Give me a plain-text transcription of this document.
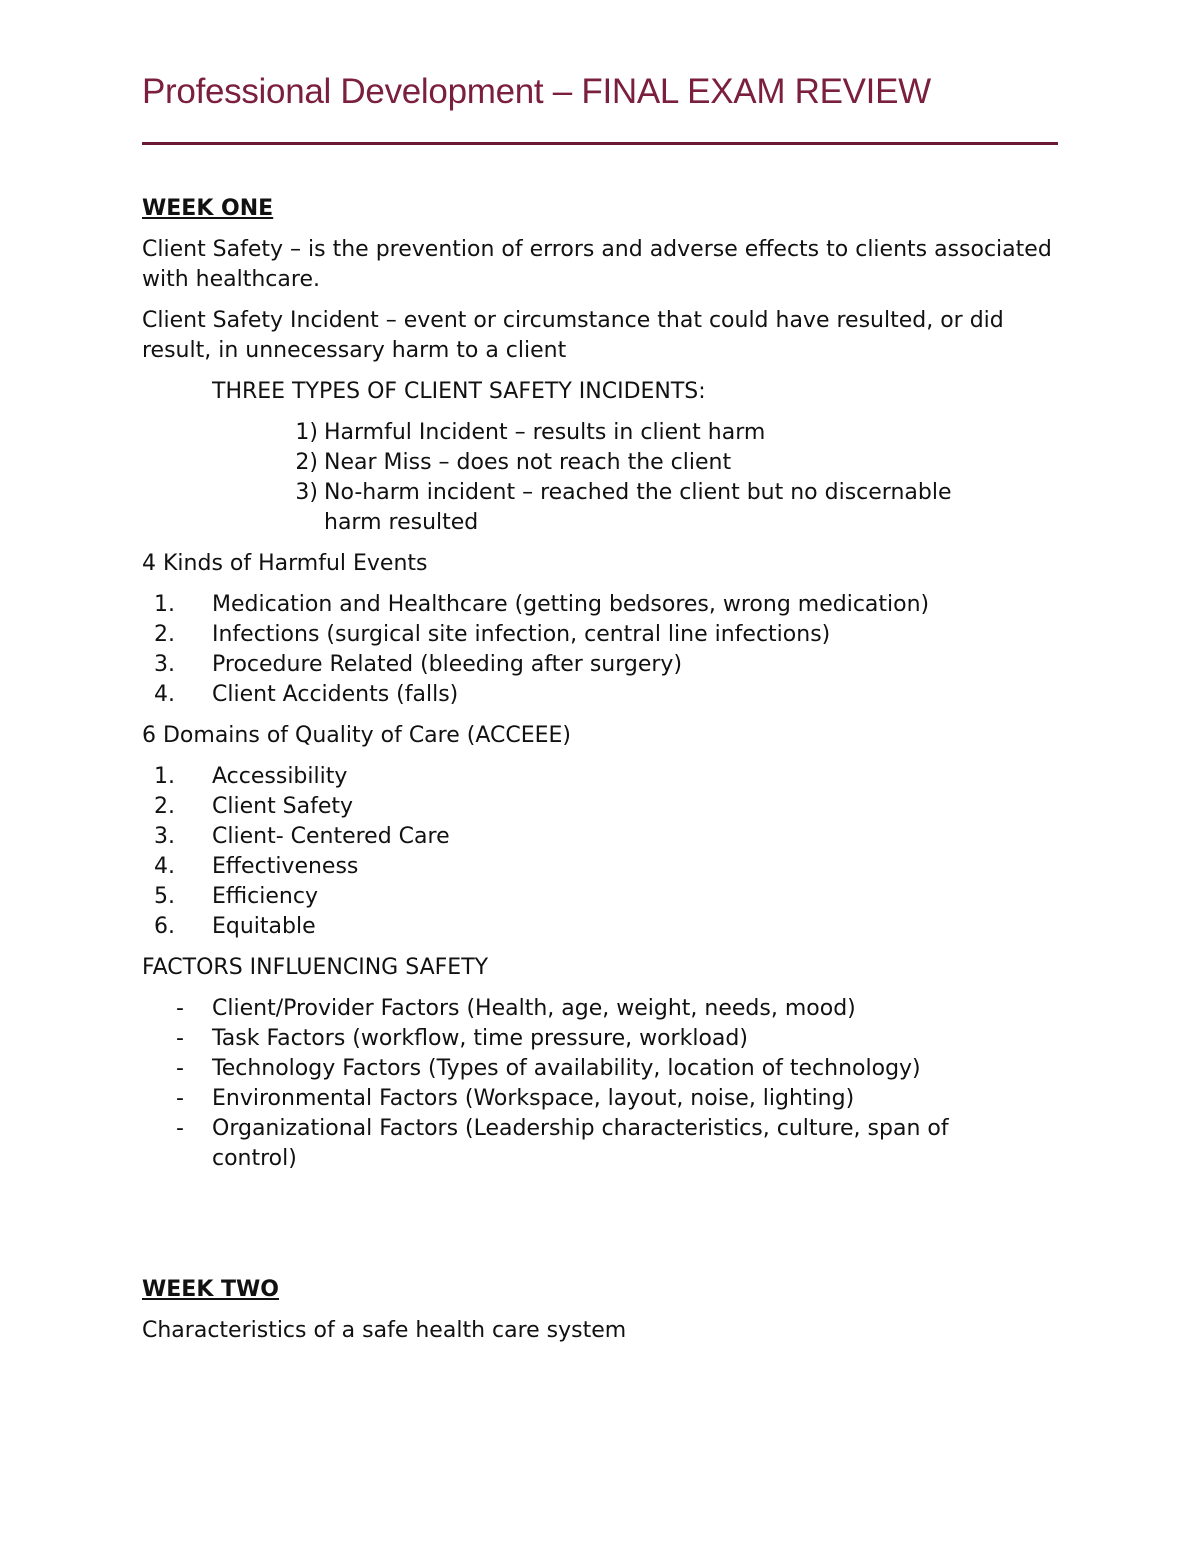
Professional Development – FINAL EXAM REVIEW
WEEK ONE
Client Safety – is the prevention of errors and adverse effects to clients associated with healthcare.
Client Safety Incident – event or circumstance that could have resulted, or did result, in unnecessary harm to a client
THREE TYPES OF CLIENT SAFETY INCIDENTS:
1) Harmful Incident – results in client harm
2) Near Miss – does not reach the client
3) No-harm incident – reached the client but no discernable harm resulted
4 Kinds of Harmful Events
1.	Medication and Healthcare (getting bedsores, wrong medication)
2.	Infections (surgical site infection, central line infections)
3.	Procedure Related (bleeding after surgery)
4.	Client Accidents (falls)
6 Domains of Quality of Care (ACCEEE)
1.	Accessibility
2.	Client Safety
3.	Client- Centered Care
4.	Effectiveness
5.	Efficiency
6.	Equitable
FACTORS INFLUENCING SAFETY
-	Client/Provider Factors (Health, age, weight, needs, mood)
-	Task Factors (workflow, time pressure, workload)
-	Technology Factors (Types of availability, location of technology)
-	Environmental Factors (Workspace, layout, noise, lighting)
-	Organizational Factors (Leadership characteristics, culture, span of control)
WEEK TWO
Characteristics of a safe health care system
